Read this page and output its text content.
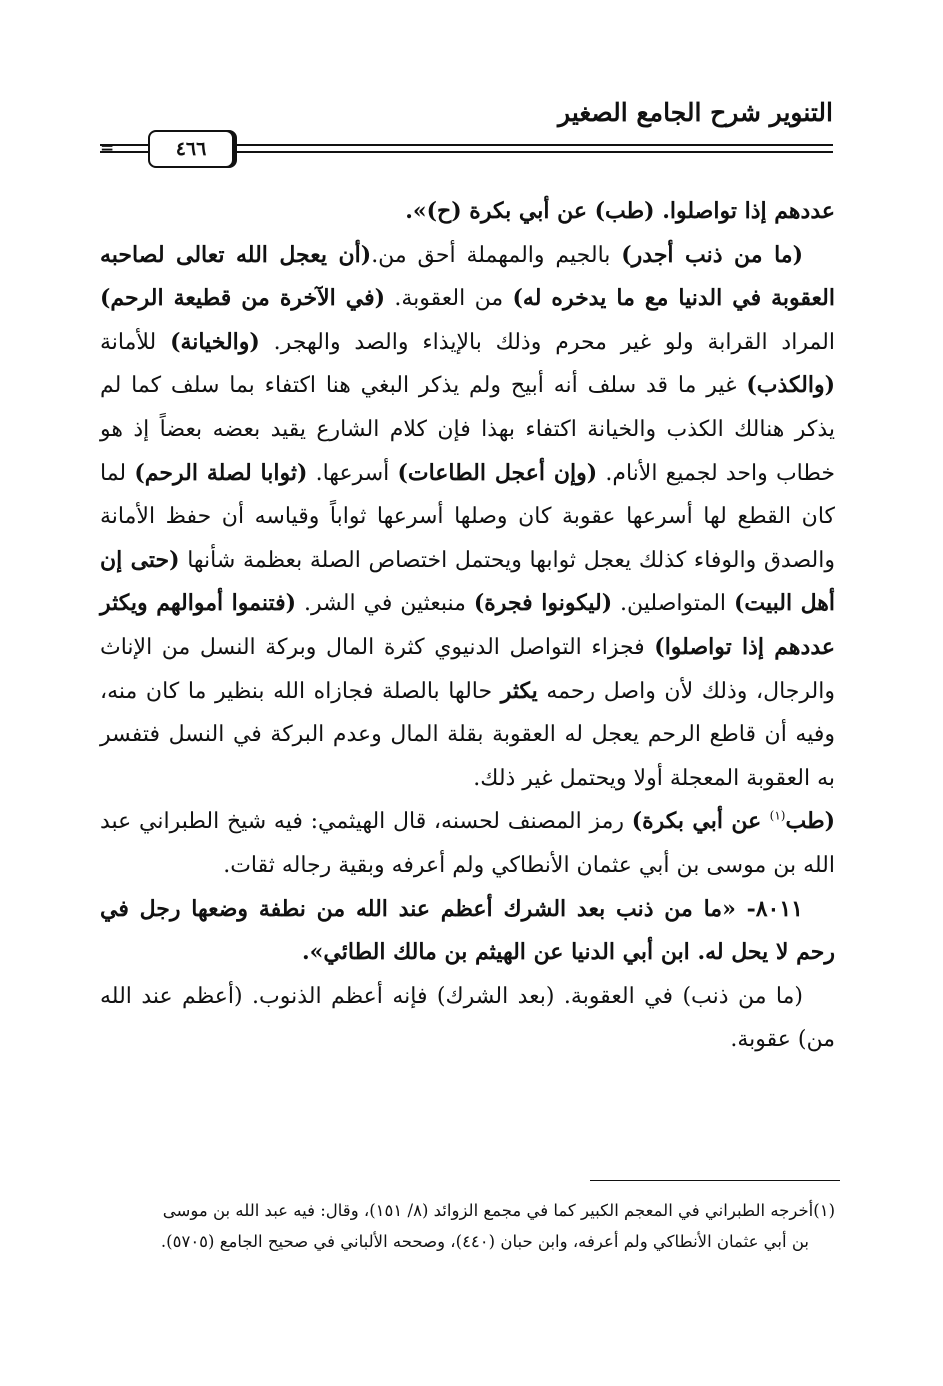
التنوير شرح الجامع الصغير
٤٦٦
=

عددهم إذا تواصلوا. (طب) عن أبي بكرة (ح)».

(ما من ذنب أجدر) بالجيم والمهملة أحق من.(أن يعجل الله تعالى لصاحبه العقوبة في الدنيا مع ما يدخره له) من العقوبة. (في الآخرة من قطيعة الرحم) المراد القرابة ولو غير محرم وذلك بالإيذاء والصد والهجر. (والخيانة) للأمانة (والكذب) غير ما قد سلف أنه أبيح ولم يذكر البغي هنا اكتفاء بما سلف كما لم يذكر هنالك الكذب والخيانة اكتفاء بهذا فإن كلام الشارع يقيد بعضه بعضاً إذ هو خطاب واحد لجميع الأنام. (وإن أعجل الطاعات) أسرعها. (ثوابا لصلة الرحم) لما كان القطع لها أسرعها عقوبة كان وصلها أسرعها ثواباً وقياسه أن حفظ الأمانة والصدق والوفاء كذلك يعجل ثوابها ويحتمل اختصاص الصلة بعظمة شأنها (حتى إن أهل البيت) المتواصلين. (ليكونوا فجرة) منبعثين في الشر. (فتنموا أموالهم ويكثر عددهم إذا تواصلوا) فجزاء التواصل الدنيوي كثرة المال وبركة النسل من الإناث والرجال، وذلك لأن واصل رحمه يكثر حالها بالصلة فجازاه الله بنظير ما كان منه، وفيه أن قاطع الرحم يعجل له العقوبة بقلة المال وعدم البركة في النسل فتفسر به العقوبة المعجلة أولا ويحتمل غير ذلك.

(طب$^{(١)}$ عن أبي بكرة) رمز المصنف لحسنه، قال الهيثمي: فيه شيخ الطبراني عبد الله بن موسى بن أبي عثمان الأنطاكي ولم أعرفه وبقية رجاله ثقات.

٨٠١١- «ما من ذنب بعد الشرك أعظم عند الله من نطفة وضعها رجل في رحم لا يحل له. ابن أبي الدنيا عن الهيثم بن مالك الطائي».

(ما من ذنب) في العقوبة. (بعد الشرك) فإنه أعظم الذنوب. (أعظم عند الله من) عقوبة.

(١)أخرجه الطبراني في المعجم الكبير كما في مجمع الزوائد (٨/ ١٥١)، وقال: فيه عبد الله بن موسى

بن أبي عثمان الأنطاكي ولم أعرفه، وابن حبان (٤٤٠)، وصححه الألباني في صحيح الجامع (٥٧٠٥).
